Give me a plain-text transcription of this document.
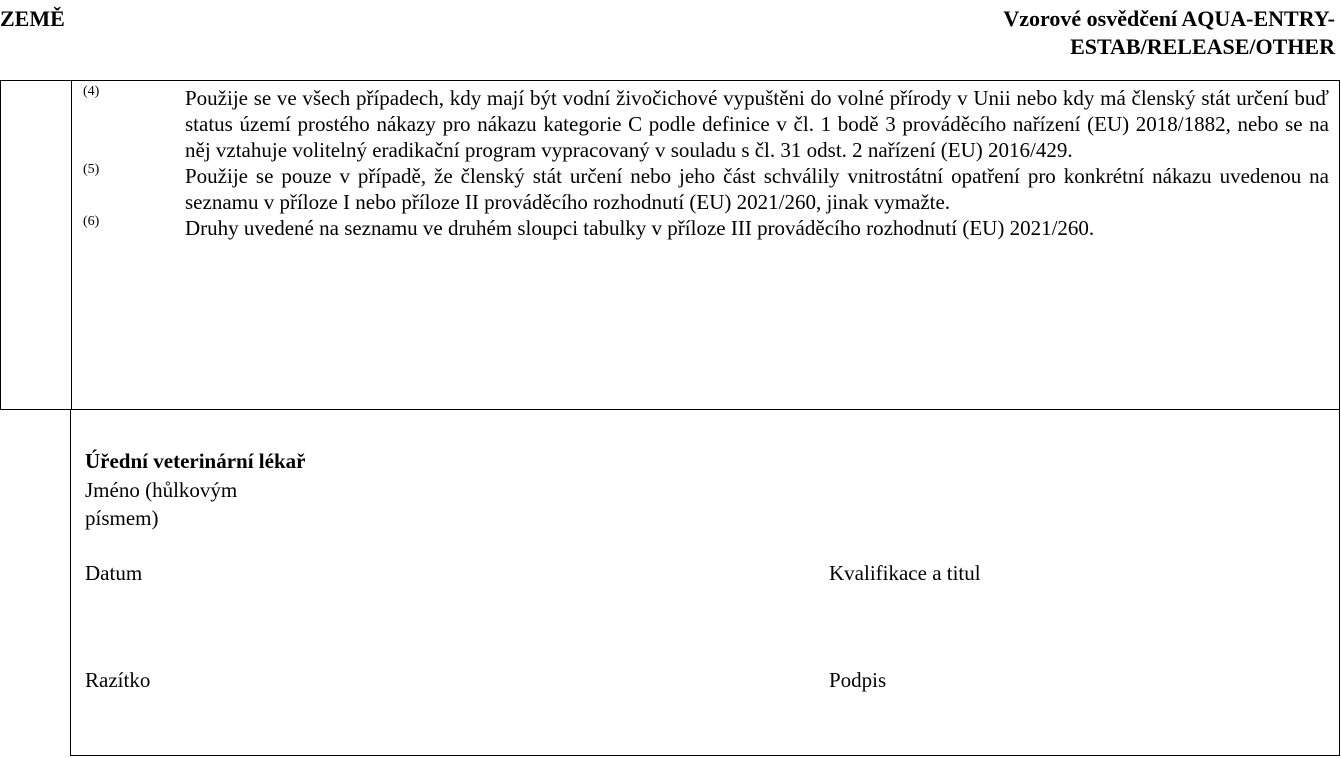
ZEMĚ	Vzorové osvědčení AQUA-ENTRY-
ESTAB/RELEASE/OTHER
(4)	Použije se ve všech případech, kdy mají být vodní živočichové vypuštěni do volné přírody v Unii nebo kdy má členský stát určení buď status území prostého nákazy pro nákazu kategorie C podle definice v čl. 1 bodě 3 prováděcího nařízení (EU) 2018/1882, nebo se na něj vztahuje volitelný eradikační program vypracovaný v souladu s čl. 31 odst. 2 nařízení (EU) 2016/429.
(5)	Použije se pouze v případě, že členský stát určení nebo jeho část schválily vnitrostátní opatření pro konkrétní nákazu uvedenou na seznamu v příloze I nebo příloze II prováděcího rozhodnutí (EU) 2021/260, jinak vymažte.
(6)	Druhy uvedené na seznamu ve druhém sloupci tabulky v příloze III prováděcího rozhodnutí (EU) 2021/260.
Úřední veterinární lékař
Jméno (hůlkovým písmem)
Datum	Kvalifikace a titul
Razítko	Podpis
